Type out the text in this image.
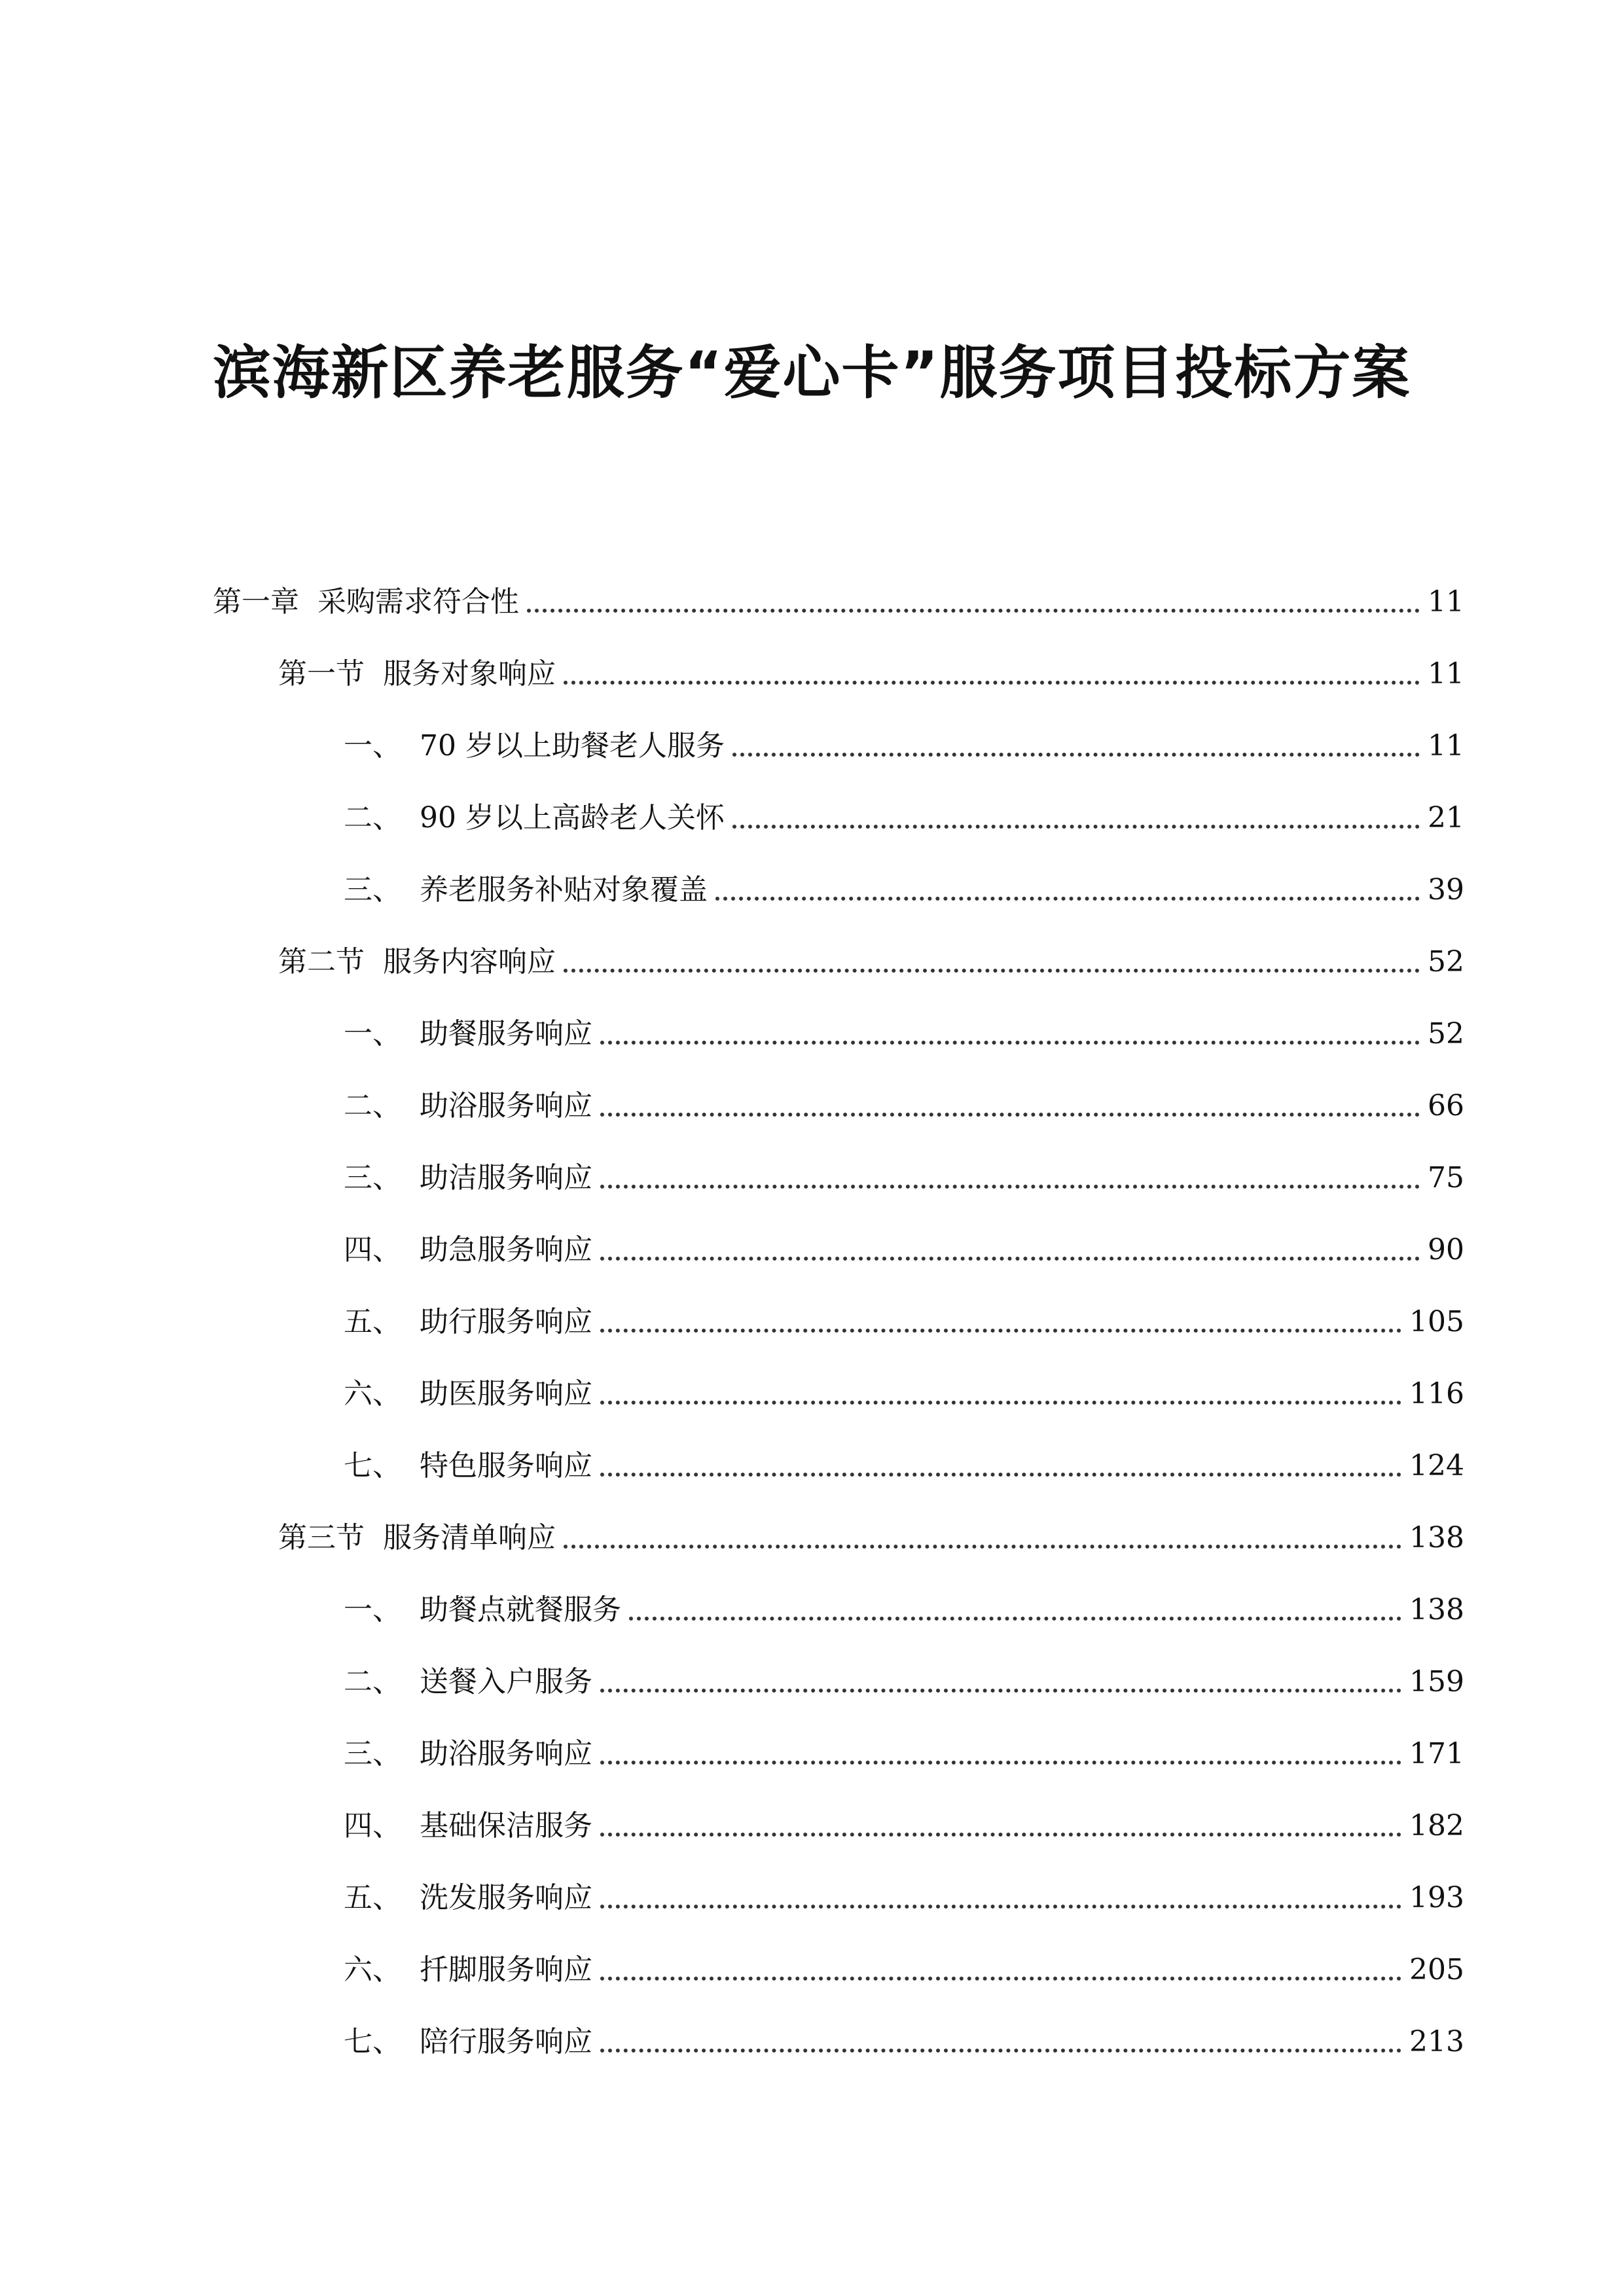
滨海新区养老服务“爱心卡”服务项目投标方案
第一章 采购需求符合性	11
第一节 服务对象响应	11
一、 70 岁以上助餐老人服务	11
二、 90 岁以上高龄老人关怀	21
三、 养老服务补贴对象覆盖	39
第二节 服务内容响应	52
一、 助餐服务响应	52
二、 助浴服务响应	66
三、 助洁服务响应	75
四、 助急服务响应	90
五、 助行服务响应	105
六、 助医服务响应	116
七、 特色服务响应	124
第三节 服务清单响应	138
一、 助餐点就餐服务	138
二、 送餐入户服务	159
三、 助浴服务响应	171
四、 基础保洁服务	182
五、 洗发服务响应	193
六、 扦脚服务响应	205
七、 陪行服务响应	213
